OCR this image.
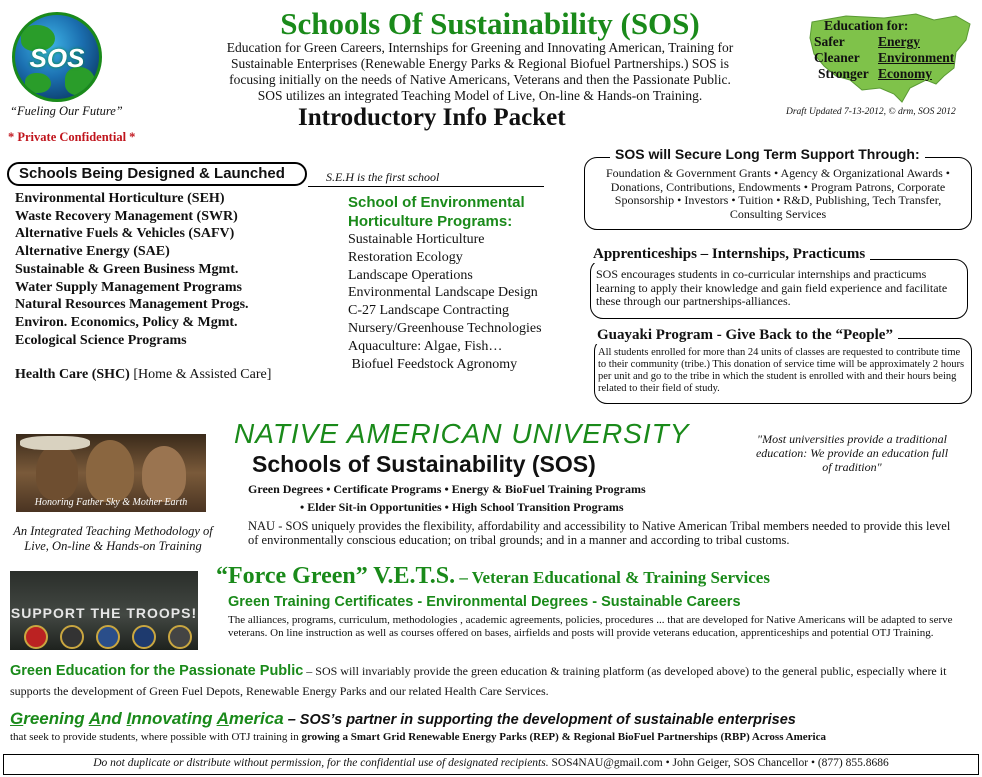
SOS
Schools Of Sustainability (SOS)
Education for Green Careers, Internships for Greening and Innovating American, Training for
Sustainable Enterprises (Renewable Energy Parks & Regional Biofuel Partnerships.) SOS is
focusing initially on the needs of Native Americans, Veterans and then the Passionate Public.
SOS utilizes an integrated Teaching Model of Live, On-line & Hands-on Training.
“Fueling Our Future”
* Private Confidential *
Introductory Info Packet
Education for:
Safer	Energy
Cleaner	Environment
Stronger Economy
Draft Updated 7-13-2012, © drm, SOS 2012
Schools Being Designed & Launched	S.E.H is the first school
Environmental Horticulture (SEH)
Waste Recovery Management (SWR)
Alternative Fuels & Vehicles (SAFV)
Alternative Energy (SAE)
Sustainable & Green Business Mgmt.
Water Supply Management Programs
Natural Resources Management Progs.
Environ. Economics, Policy & Mgmt.
Ecological Science Programs
Health Care (SHC) [Home & Assisted Care]
School of Environmental Horticulture Programs:
Sustainable Horticulture
Restoration Ecology
Landscape Operations
Environmental Landscape Design
C-27 Landscape Contracting
Nursery/Greenhouse Technologies
Aquaculture: Algae, Fish…
Biofuel Feedstock Agronomy
SOS will Secure Long Term Support Through:
Foundation & Government Grants • Agency & Organizational Awards • Donations, Contributions, Endowments • Program Patrons, Corporate Sponsorship • Investors • Tuition • R&D, Publishing, Tech Transfer, Consulting Services
Apprenticeships – Internships, Practicums
SOS encourages students in co-curricular internships and practicums learning to apply their knowledge and gain field experience and facilitate these through our partnerships-alliances.
Guayaki Program - Give Back to the “People”
All students enrolled for more than 24 units of classes are requested to contribute time to their community (tribe.) This donation of service time will be approximately 2 hours per unit and go to the tribe in which the student is enrolled with and their hours being related to their field of study.
Honoring Father Sky & Mother Earth
An Integrated Teaching Methodology of Live, On-line & Hands-on Training
NATIVE AMERICAN UNIVERSITY
Schools of Sustainability (SOS)
"Most universities provide a traditional education: We provide an education full of tradition"
Green Degrees • Certificate Programs • Energy & BioFuel Training Programs
• Elder Sit-in Opportunities • High School Transition Programs
NAU - SOS uniquely provides the flexibility, affordability and accessibility to Native American Tribal members needed to provide this level of environmentally conscious education; on tribal grounds; and in a manner and according to tribal customs.
SUPPORT THE TROOPS!
“Force Green” V.E.T.S. – Veteran Educational & Training Services
Green Training Certificates - Environmental Degrees - Sustainable Careers
The alliances, programs, curriculum, methodologies , academic agreements, policies, procedures ... that are developed for Native Americans will be adapted to serve veterans. On line instruction as well as courses offered on bases, airfields and posts will provide veterans education, apprenticeships and potential OTJ Training.
Green Education for the Passionate Public – SOS will invariably provide the green education & training platform (as developed above) to the general public, especially where it supports the development of Green Fuel Depots, Renewable Energy Parks and our related Health Care Services.
Greening And Innovating America – SOS’s partner in supporting the development of sustainable enterprises
that seek to provide students, where possible with OTJ training in growing a Smart Grid Renewable Energy Parks (REP) & Regional BioFuel Partnerships (RBP) Across America
Do not duplicate or distribute without permission, for the confidential use of designated recipients. SOS4NAU@gmail.com • John Geiger, SOS Chancellor • (877) 855.8686
